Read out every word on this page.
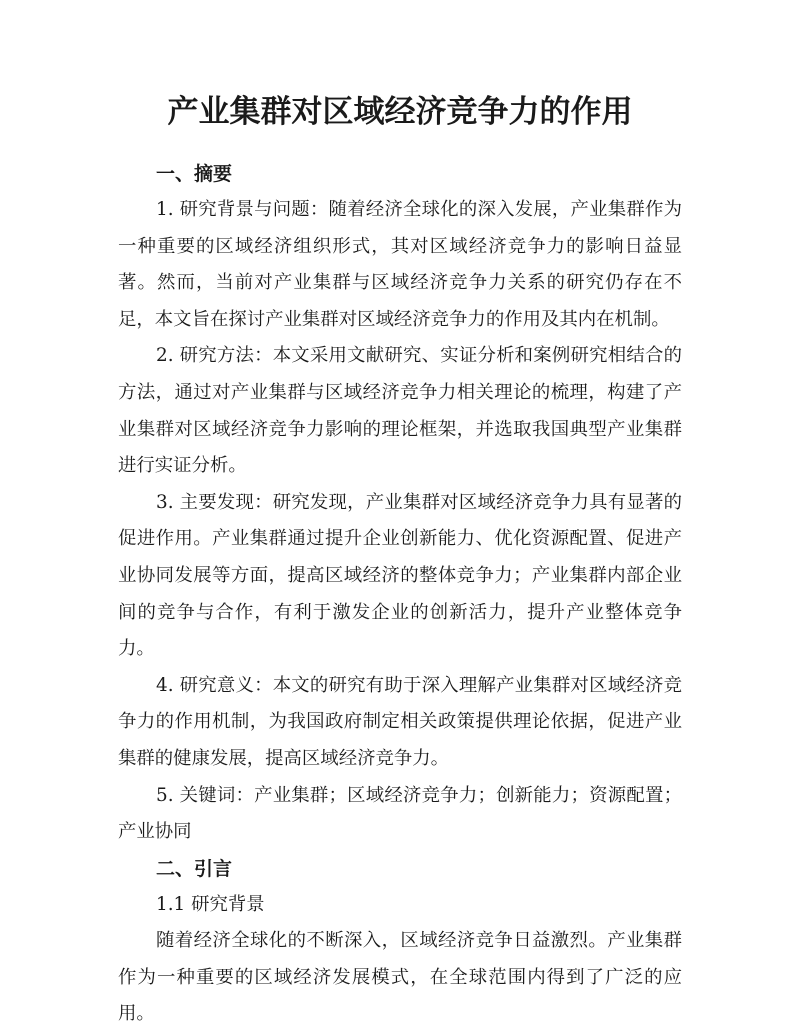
产业集群对区域经济竞争力的作用
一、摘要

1. 研究背景与问题：随着经济全球化的深入发展，产业集群作为一种重要的区域经济组织形式，其对区域经济竞争力的影响日益显著。然而，当前对产业集群与区域经济竞争力关系的研究仍存在不足，本文旨在探讨产业集群对区域经济竞争力的作用及其内在机制。

2. 研究方法：本文采用文献研究、实证分析和案例研究相结合的方法，通过对产业集群与区域经济竞争力相关理论的梳理，构建了产业集群对区域经济竞争力影响的理论框架，并选取我国典型产业集群进行实证分析。

3. 主要发现：研究发现，产业集群对区域经济竞争力具有显著的促进作用。产业集群通过提升企业创新能力、优化资源配置、促进产业协同发展等方面，提高区域经济的整体竞争力；产业集群内部企业间的竞争与合作，有利于激发企业的创新活力，提升产业整体竞争力。

4. 研究意义：本文的研究有助于深入理解产业集群对区域经济竞争力的作用机制，为我国政府制定相关政策提供理论依据，促进产业集群的健康发展，提高区域经济竞争力。

5. 关键词：产业集群；区域经济竞争力；创新能力；资源配置；产业协同

二、引言

1.1 研究背景

随着经济全球化的不断深入，区域经济竞争日益激烈。产业集群作为一种重要的区域经济发展模式，在全球范围内得到了广泛的应用。
